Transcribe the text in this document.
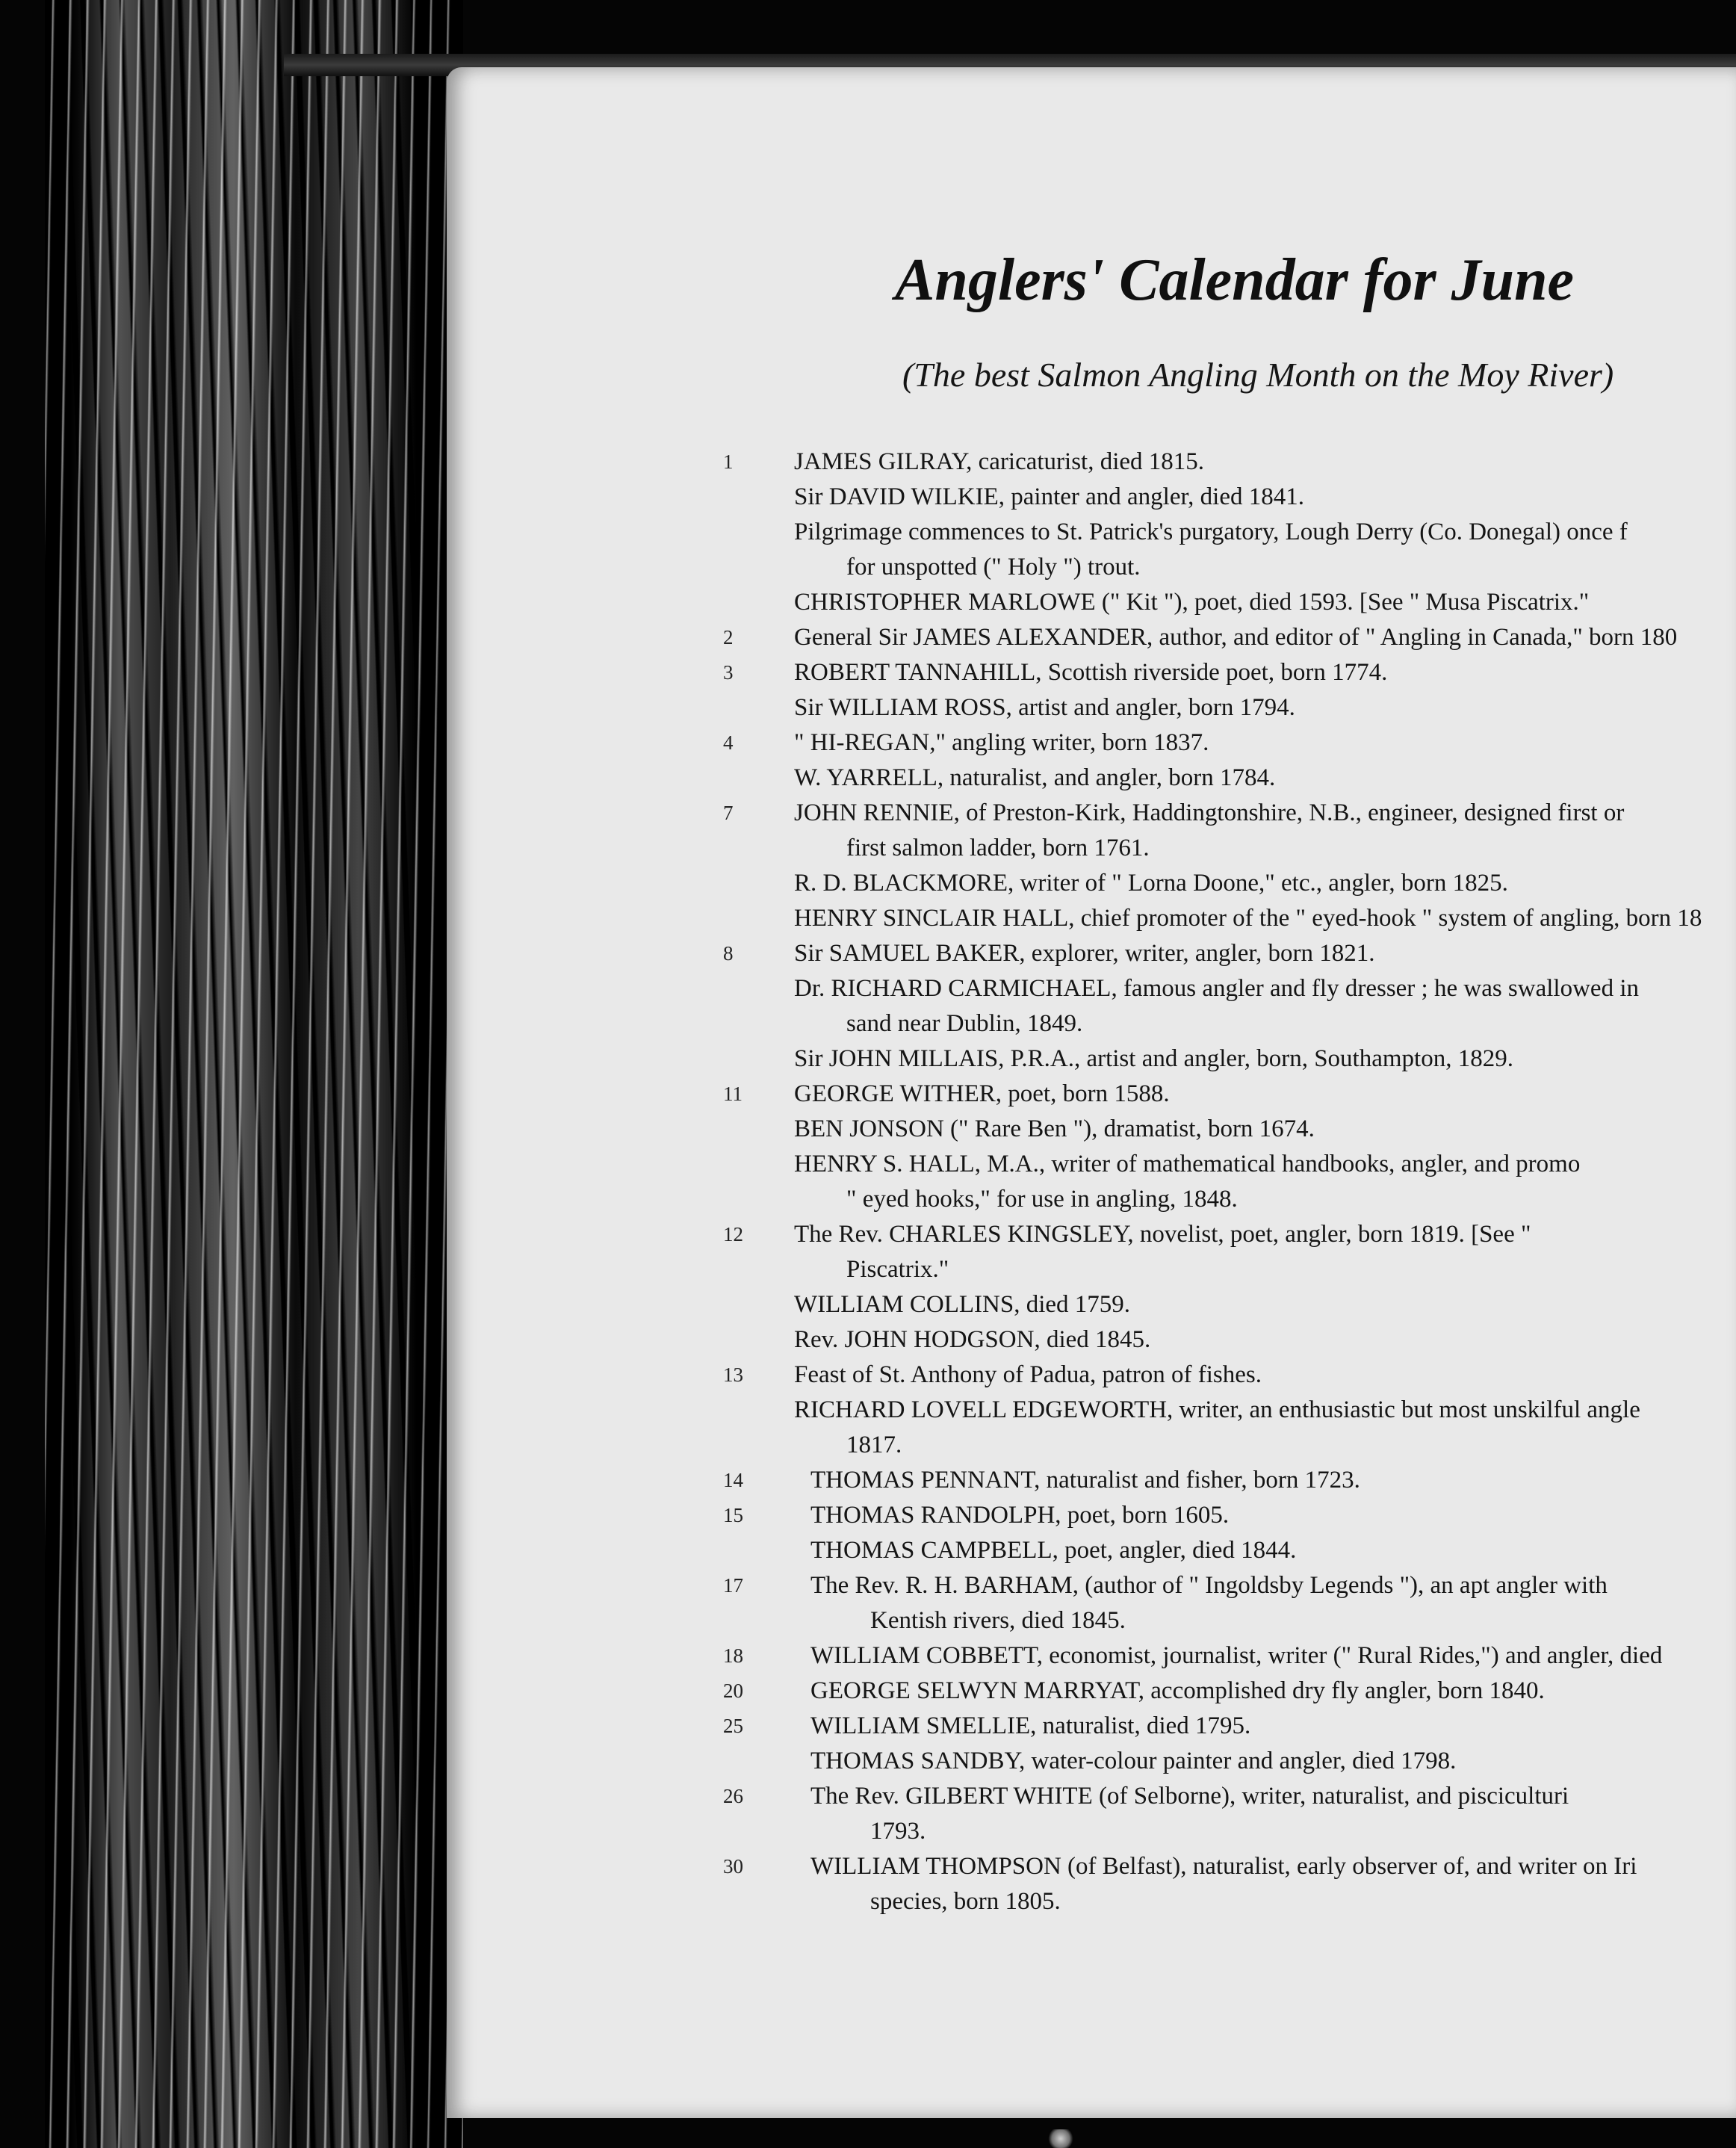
Anglers' Calendar for June

(The best Salmon Angling Month on the Moy River)

1	JAMES GILRAY, caricaturist, died 1815.
Sir DAVID WILKIE, painter and angler, died 1841.
Pilgrimage commences to St. Patrick's purgatory, Lough Derry (Co. Donegal) once f
for unspotted (" Holy ") trout.
CHRISTOPHER MARLOWE (" Kit "), poet, died 1593. [See " Musa Piscatrix."
2	General Sir JAMES ALEXANDER, author, and editor of " Angling in Canada," born 180
3	ROBERT TANNAHILL, Scottish riverside poet, born 1774.
Sir WILLIAM ROSS, artist and angler, born 1794.
4	" HI-REGAN," angling writer, born 1837.
W. YARRELL, naturalist, and angler, born 1784.
7	JOHN RENNIE, of Preston-Kirk, Haddingtonshire, N.B., engineer, designed first or
first salmon ladder, born 1761.
R. D. BLACKMORE, writer of " Lorna Doone," etc., angler, born 1825.
HENRY SINCLAIR HALL, chief promoter of the " eyed-hook " system of angling, born 18
8	Sir SAMUEL BAKER, explorer, writer, angler, born 1821.
Dr. RICHARD CARMICHAEL, famous angler and fly dresser ; he was swallowed in
sand near Dublin, 1849.
Sir JOHN MILLAIS, P.R.A., artist and angler, born, Southampton, 1829.
11	GEORGE WITHER, poet, born 1588.
BEN JONSON (" Rare Ben "), dramatist, born 1674.
HENRY S. HALL, M.A., writer of mathematical handbooks, angler, and promo
" eyed hooks," for use in angling, 1848.
12	The Rev. CHARLES KINGSLEY, novelist, poet, angler, born 1819. [See "
Piscatrix."
WILLIAM COLLINS, died 1759.
Rev. JOHN HODGSON, died 1845.
13	Feast of St. Anthony of Padua, patron of fishes.
RICHARD LOVELL EDGEWORTH, writer, an enthusiastic but most unskilful angle
1817.
14	THOMAS PENNANT, naturalist and fisher, born 1723.
15	THOMAS RANDOLPH, poet, born 1605.
THOMAS CAMPBELL, poet, angler, died 1844.
17	The Rev. R. H. BARHAM, (author of " Ingoldsby Legends "), an apt angler with
Kentish rivers, died 1845.
18	WILLIAM COBBETT, economist, journalist, writer (" Rural Rides,") and angler, died
20	GEORGE SELWYN MARRYAT, accomplished dry fly angler, born 1840.
25	WILLIAM SMELLIE, naturalist, died 1795.
THOMAS SANDBY, water-colour painter and angler, died 1798.
26	The Rev. GILBERT WHITE (of Selborne), writer, naturalist, and pisciculturi
1793.
30	WILLIAM THOMPSON (of Belfast), naturalist, early observer of, and writer on Iri
species, born 1805.
